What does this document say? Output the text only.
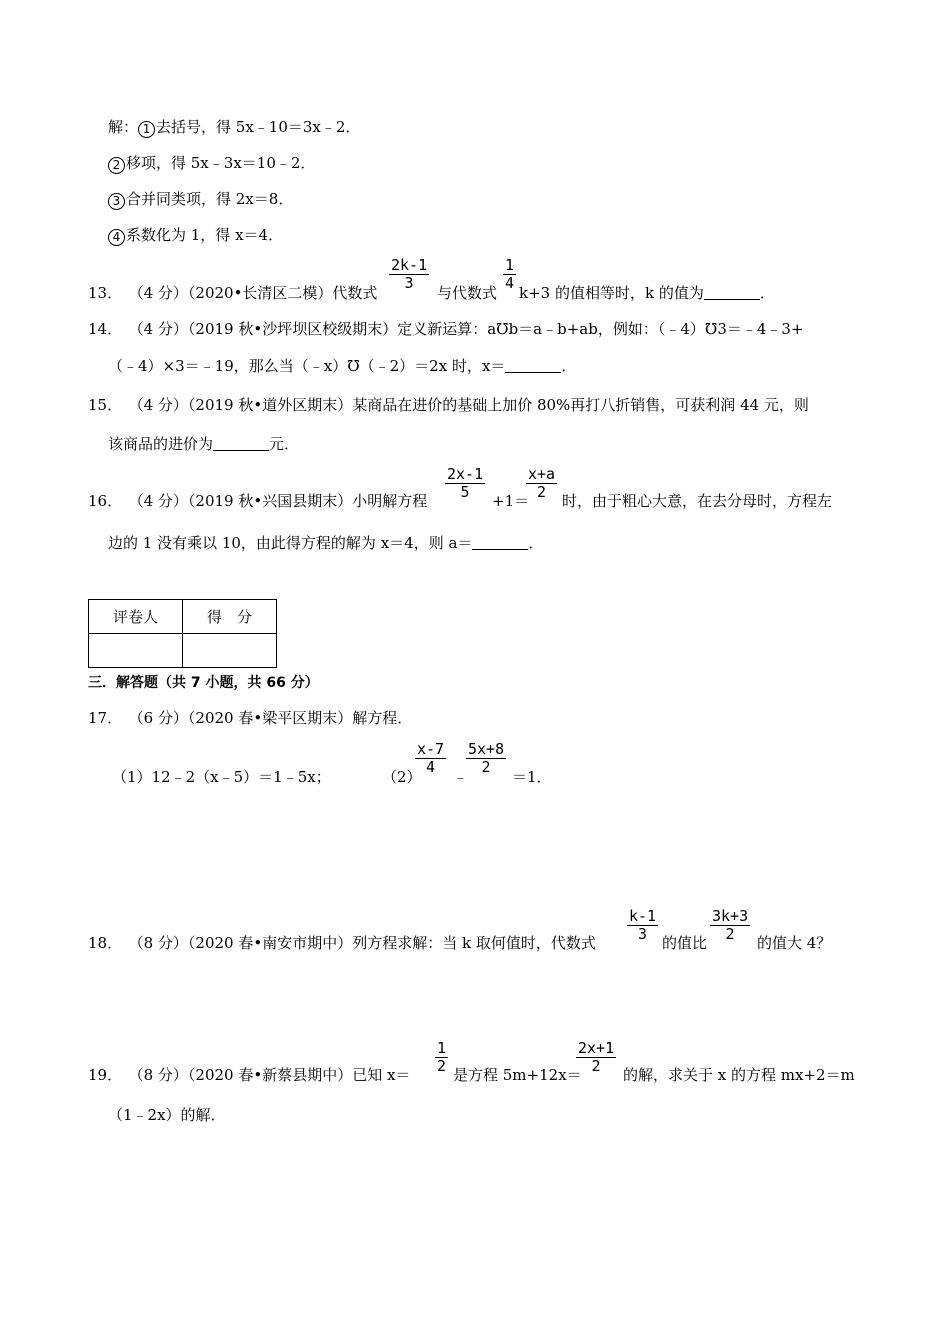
解： 1 去括号，得 5x﹣10＝3x﹣2．
2 移项，得 5x﹣3x＝10﹣2．
3 合并同类项，得 2x＝8．
4 系数化为 1，得 x＝4．
13． （4 分）（2020•长清区二模）代数式
$\frac{2k-1}{3}$
与代数式
$\frac{1}{4}$
k+3 的值相等时，k 的值为	．
14． （4 分）（2019 秋•沙坪坝区校级期末）定义新运算：a℧b＝a﹣b+ab，例如：（﹣4）℧3＝﹣4﹣3+
（﹣4）×3＝﹣19，那么当（﹣x）℧（﹣2）＝2x 时，x＝	．
15． （4 分）（2019 秋•道外区期末）某商品在进价的基础上加价 80%再打八折销售，可获利润 44 元，则
该商品的进价为	元．
16． （4 分）（2019 秋•兴国县期末）小明解方程 $\frac{2x-1}{5} +1=$
$\frac{x+a}{2}$ 时，由于粗心大意，在去分母时，方程左
边的 1 没有乘以 10，由此得方程的解为 x＝4，则 a＝	．
评卷人	得　分

三．解答题（共 7 小题，共 66 分）
17． （6 分）（2020 春•梁平区期末）解方程．
（1）12﹣2（x﹣5）＝1﹣5x；	（2）
$\frac{x-7}{4}$
﹣
$\frac{5x+8}{2}$
＝1．
18． （8 分）（2020 春•南安市期中）列方程求解：当 k 取何值时，代数式 $\frac{k-1}{3}$ 的值比 $\frac{3k+3}{2}$ 的值大 4？
19． （8 分）（2020 春•新蔡县期中）已知 $x= \frac{1}{2}$ 是方程 5m+12x＝
$\frac{2x+1}{2}$ 的解，求关于 x 的方程 mx+2＝m
（1﹣2x）的解．
